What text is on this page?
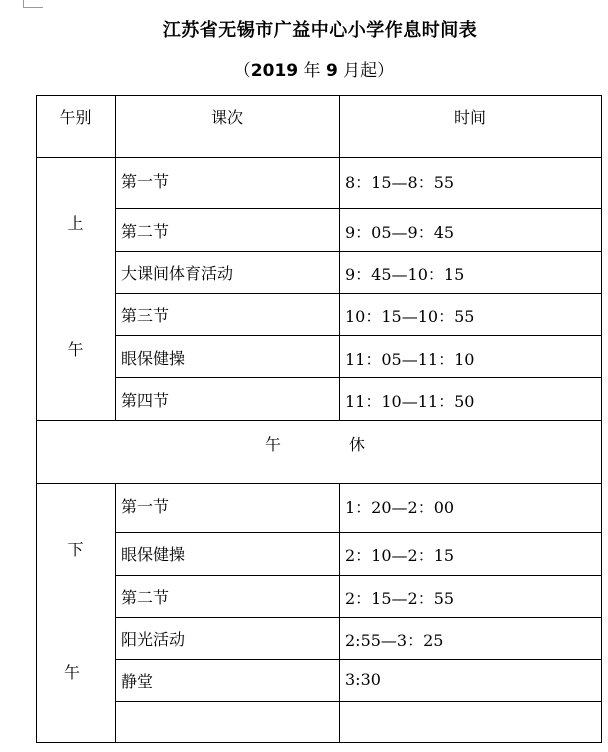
江苏省无锡市广益中心小学作息时间表
（2019 年 9 月起）
午别	课次	时间
上
午
第一节	8：15—8：55
第二节	9：05—9：45
大课间体育活动	9：45—10：15
第三节	10：15—10：55
眼保健操	11：05—11：10
第四节	11：10—11：50
午	休
下
午
第一节	1：20—2：00
眼保健操	2：10—2：15
第二节	2：15—2：55
阳光活动	2:55—3：25
静堂	3:30
